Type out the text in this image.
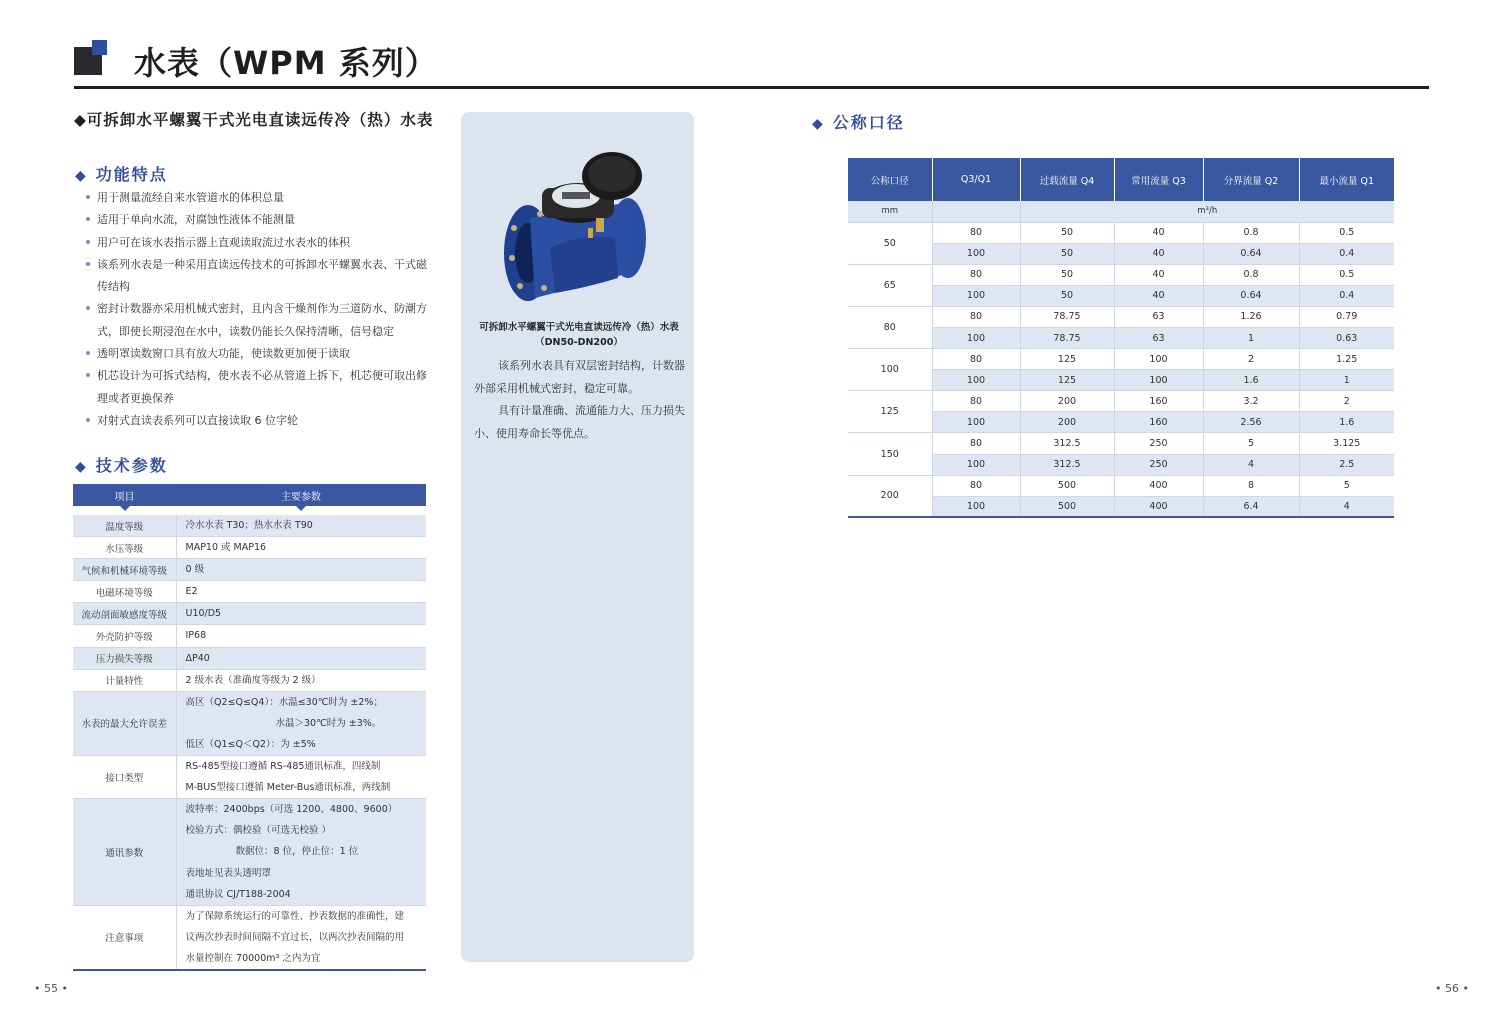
水表（WPM 系列）
◆可拆卸水平螺翼干式光电直读远传冷（热）水表
◆ 功能特点
用于测量流经自来水管道水的体积总量
适用于单向水流，对腐蚀性液体不能测量
用户可在该水表指示器上直观读取流过水表水的体积
该系列水表是一种采用直读远传技术的可拆卸水平螺翼水表、干式磁传结构
密封计数器亦采用机械式密封，且内含干燥剂作为三道防水、防潮方式，即使长期浸泡在水中，读数仍能长久保持清晰，信号稳定
透明罩读数窗口具有放大功能，使读数更加便于读取
机芯设计为可拆式结构，使水表不必从管道上拆下，机芯便可取出修理或者更换保养
对射式直读表系列可以直接读取 6 位字轮
◆ 技术参数
项目	主要参数

温度等级	冷水水表 T30；热水水表 T90

水压等级	MAP10 或 MAP16

气候和机械环境等级	0 级

电磁环境等级	E2

流动剖面敏感度等级	U10/D5

外壳防护等级	IP68

压力损失等级	ΔP40

计量特性	2 级水表（准确度等级为 2 级）

水表的最大允许误差	高区（Q2≤Q≤Q4）：水温≤30℃时为 ±2%；
水温＞30℃时为 ±3%。
低区（Q1≤Q＜Q2）：为 ±5%

接口类型	RS-485型接口遵循 RS-485通讯标准，四线制
M-BUS型接口遵循 Meter-Bus通讯标准，两线制

通讯参数	波特率：2400bps（可选 1200、4800、9600）
校验方式：偶校验（可选无校验 ）
数据位：8 位，停止位：1 位
表地址见表头透明罩
通讯协议 CJ/T188-2004

注意事项	为了保障系统运行的可靠性、抄表数据的准确性，建
议两次抄表时间间隔不宜过长，以两次抄表间隔的用
水量控制在 70000m³ 之内为宜
可拆卸水平螺翼干式光电直读远传冷（热）水表
（DN50-DN200）

该系列水表具有双层密封结构，计数器外部采用机械式密封，稳定可靠。

具有计量准确、流通能力大、压力损失小、使用寿命长等优点。

◆ 公称口径
公称口径	Q3/Q1	过载流量 Q4	常用流量 Q3	分界流量 Q2	最小流量 Q1
mm		m³/h			
50	80	50	40	0.8	0.5
	100	50	40	0.64	0.4
65	80	50	40	0.8	0.5
	100	50	40	0.64	0.4
80	80	78.75	63	1.26	0.79
	100	78.75	63	1	0.63
100	80	125	100	2	1.25
	100	125	100	1.6	1
125	80	200	160	3.2	2
	100	200	160	2.56	1.6
150	80	312.5	250	5	3.125
	100	312.5	250	4	2.5
200	80	500	400	8	5
	100	500	400	6.4	4
• 55 •	• 56 •
